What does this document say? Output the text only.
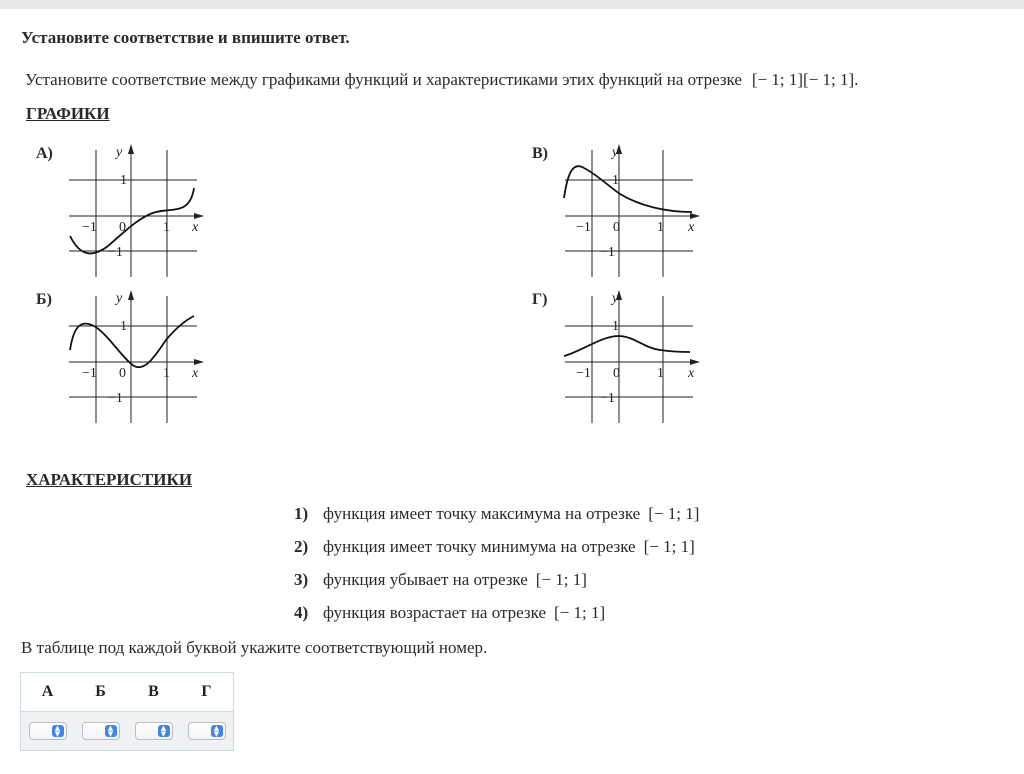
Установите соответствие и впишите ответ.
Установите соответствие между графиками функций и характеристиками этих функций на отрезке [− 1; 1][− 1; 1].
ГРАФИКИ
А)	В)
Б)	Г)
y
1
−1
−1 0	1 x
y
1
−1
−1 0	1 x
y
1
−1
−1 0	1 x
y
1
−1
−1 0	1 x
ХАРАКТЕРИСТИКИ
1) функция имеет точку максимума на отрезке [− 1; 1]
2) функция имеет точку минимума на отрезке [− 1; 1]
3) функция убывает на отрезке [− 1; 1]
4) функция возрастает на отрезке [− 1; 1]
В таблице под каждой буквой укажите соответствующий номер.
А	Б	В	Г

▲
▼	▲
▼	▲
▼	▲
▼
